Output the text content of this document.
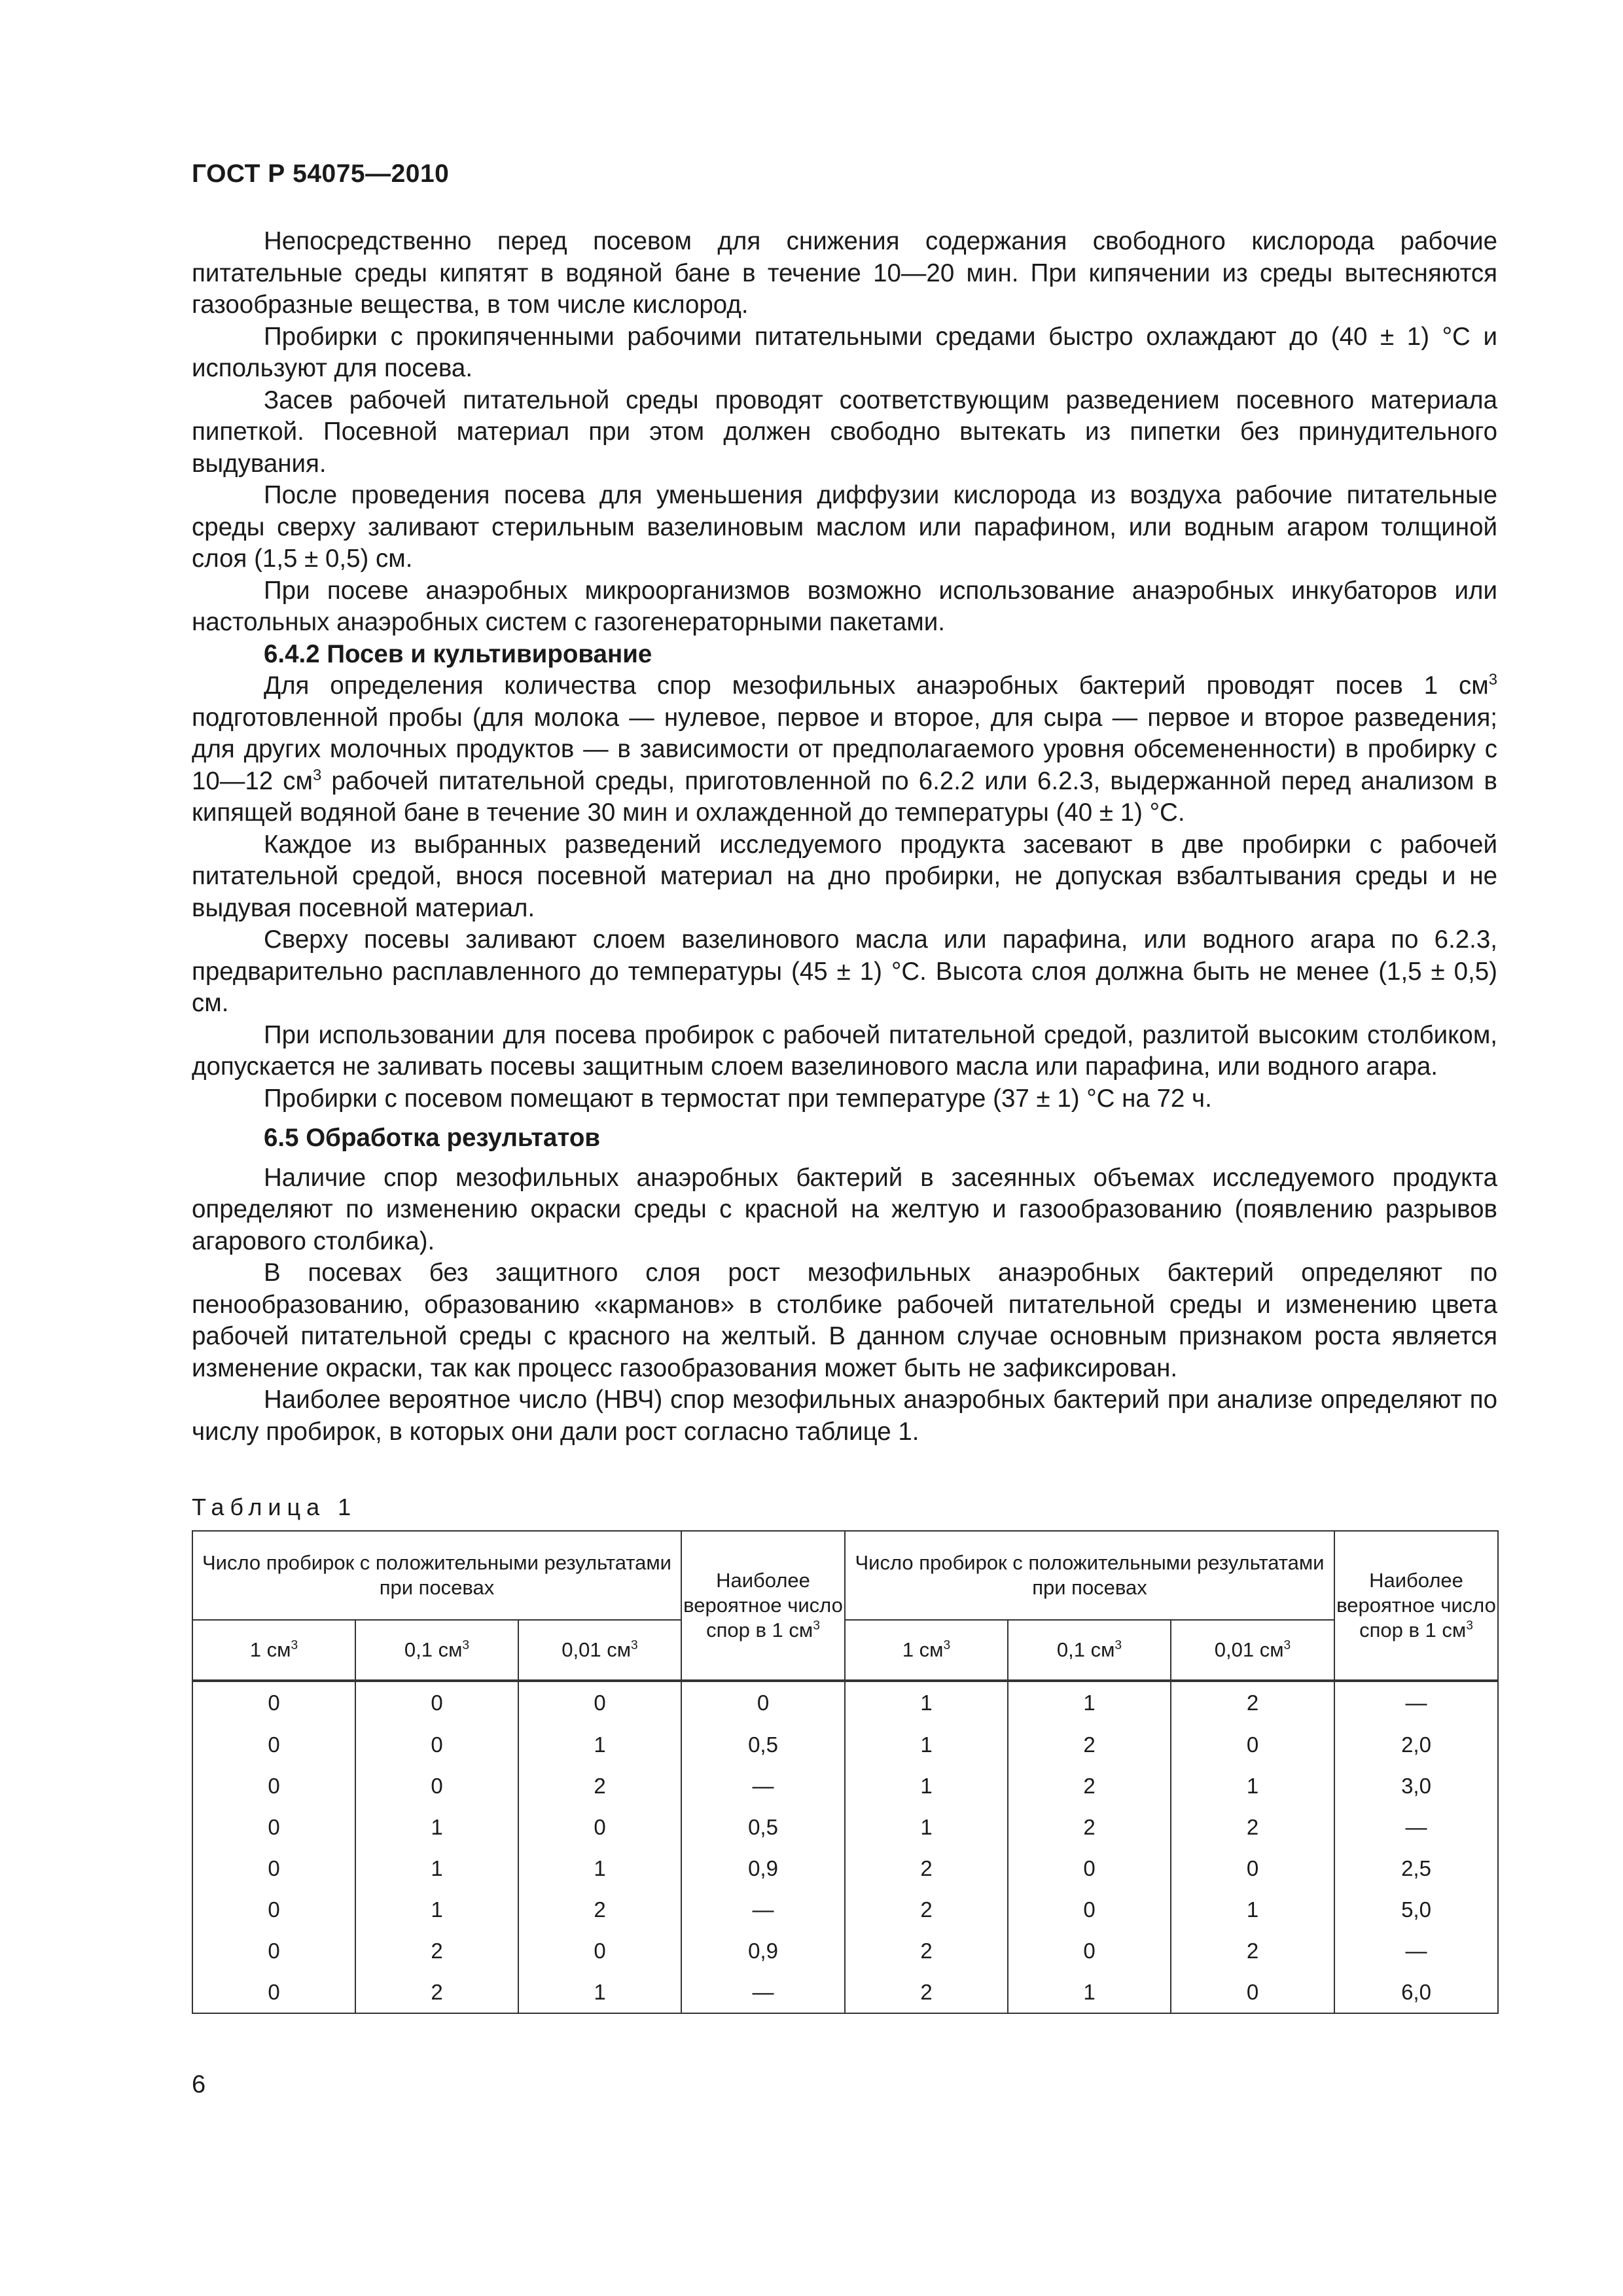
ГОСТ Р 54075—2010

Непосредственно перед посевом для снижения содержания свободного кислорода рабочие питательные среды кипятят в водяной бане в течение 10—20 мин. При кипячении из среды вытесняются газообразные вещества, в том числе кислород.

Пробирки с прокипяченными рабочими питательными средами быстро охлаждают до (40 ± 1) °С и используют для посева.

Засев рабочей питательной среды проводят соответствующим разведением посевного материала пипеткой. Посевной материал при этом должен свободно вытекать из пипетки без принудительного выдувания.

После проведения посева для уменьшения диффузии кислорода из воздуха рабочие питательные среды сверху заливают стерильным вазелиновым маслом или парафином, или водным агаром толщиной слоя (1,5 ± 0,5) см.

При посеве анаэробных микроорганизмов возможно использование анаэробных инкубаторов или настольных анаэробных систем с газогенераторными пакетами.

6.4.2 Посев и культивирование

Для определения количества спор мезофильных анаэробных бактерий проводят посев 1 $см^3$ подготовленной пробы (для молока — нулевое, первое и второе, для сыра — первое и второе разведения; для других молочных продуктов — в зависимости от предполагаемого уровня обсемененности) в пробирку с 10—12 $см^3$ рабочей питательной среды, приготовленной по 6.2.2 или 6.2.3, выдержанной перед анализом в кипящей водяной бане в течение 30 мин и охлажденной до температуры (40 ± 1) °С.

Каждое из выбранных разведений исследуемого продукта засевают в две пробирки с рабочей питательной средой, внося посевной материал на дно пробирки, не допуская взбалтывания среды и не выдувая посевной материал.

Сверху посевы заливают слоем вазелинового масла или парафина, или водного агара по 6.2.3, предварительно расплавленного до температуры (45 ± 1) °С. Высота слоя должна быть не менее (1,5 ± 0,5) см.

При использовании для посева пробирок с рабочей питательной средой, разлитой высоким столбиком, допускается не заливать посевы защитным слоем вазелинового масла или парафина, или водного агара.

Пробирки с посевом помещают в термостат при температуре (37 ± 1) °С на 72 ч.

6.5 Обработка результатов

Наличие спор мезофильных анаэробных бактерий в засеянных объемах исследуемого продукта определяют по изменению окраски среды с красной на желтую и газообразованию (появлению разрывов агарового столбика).

В посевах без защитного слоя рост мезофильных анаэробных бактерий определяют по пенообразованию, образованию «карманов» в столбике рабочей питательной среды и изменению цвета рабочей питательной среды с красного на желтый. В данном случае основным признаком роста является изменение окраски, так как процесс газообразования может быть не зафиксирован.

Наиболее вероятное число (НВЧ) спор мезофильных анаэробных бактерий при анализе определяют по числу пробирок, в которых они дали рост согласно таблице 1.

Таблица 1
Число пробирок с положительными результатами при посевах			Наиболее вероятное число спор в 1 $см^3$	Число пробирок с положительными результатами при посевах			Наиболее вероятное число спор в 1 $см^3$
1 $см^3$	0,1 $см^3$	0,01 $см^3$		1 $см^3$	0,1 $см^3$	0,01 $см^3$
0	0	0	0	1	1	2	—
0	0	1	0,5	1	2	0	2,0
0	0	2	—	1	2	1	3,0
0	1	0	0,5	1	2	2	—
0	1	1	0,9	2	0	0	2,5
0	1	2	—	2	0	1	5,0
0	2	0	0,9	2	0	2	—
0	2	1	—	2	1	0	6,0
6
